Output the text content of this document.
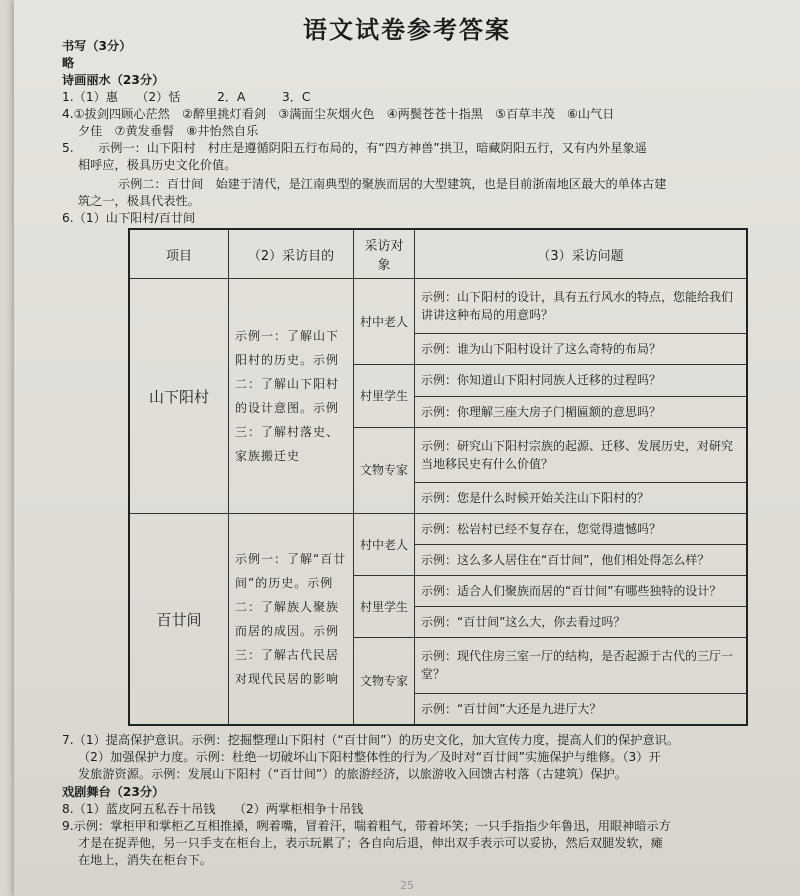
语文试卷参考答案
书写（3分）
略
诗画丽水（23分）
1.（1）惠　　（2）恬　　　2．A　　　3．C
4.①拔剑四顾心茫然　②醉里挑灯看剑　③满面尘灰烟火色　④两鬓苍苍十指黑　⑤百草丰茂　⑥山气日
夕佳　⑦黄发垂髫　⑧井怡然自乐
5.　　示例一：山下阳村　村庄是遵循阴阳五行布局的，有“四方神兽”拱卫，暗藏阴阳五行，又有内外星象遥
相呼应，极具历史文化价值。
示例二：百廿间　始建于清代，是江南典型的聚族而居的大型建筑，也是目前浙南地区最大的单体古建
筑之一，极具代表性。
6.（1）山下阳村/百廿间
项目	（2）采访目的	采访对象	（3）采访问题
山下阳村	示例一：了解山下阳村的历史。示例二：了解山下阳村的设计意图。示例三：了解村落史、家族搬迁史	村中老人	示例：山下阳村的设计，具有五行风水的特点，您能给我们讲讲这种布局的用意吗？
			示例：谁为山下阳村设计了这么奇特的布局？
		村里学生	示例：你知道山下阳村同族人迁移的过程吗？
			示例：你理解三座大房子门楣匾额的意思吗？
		文物专家	示例：研究山下阳村宗族的起源、迁移、发展历史，对研究当地移民史有什么价值？
			示例：您是什么时候开始关注山下阳村的？
百廿间	示例一：了解“百廿间”的历史。示例二：了解族人聚族而居的成因。示例三：了解古代民居对现代民居的影响	村中老人	示例：松岩村已经不复存在，您觉得遗憾吗？
			示例：这么多人居住在“百廿间”，他们相处得怎么样？
		村里学生	示例：适合人们聚族而居的“百廿间”有哪些独特的设计？
			示例：“百廿间”这么大，你去看过吗？
		文物专家	示例：现代住房三室一厅的结构，是否起源于古代的三厅一堂？
			示例：“百廿间”大还是九进厅大？
7.（1）提高保护意识。示例：挖掘整理山下阳村（“百廿间”）的历史文化，加大宣传力度，提高人们的保护意识。
（2）加强保护力度。示例：杜绝一切破坏山下阳村整体性的行为／及时对“百廿间”实施保护与维修。（3）开
发旅游资源。示例：发展山下阳村（“百廿间”）的旅游经济，以旅游收入回馈古村落（古建筑）保护。
戏剧舞台（23分）
8.（1）蓝皮阿五私吞十吊钱　　（2）两掌柜相争十吊钱
9.示例：掌柜甲和掌柜乙互相推搡，咧着嘴，冒着汗，喘着粗气，带着坏笑；一只手指指少年鲁迅，用眼神暗示方
才是在捉弄他，另一只手支在柜台上，表示玩累了；各自向后退，伸出双手表示可以妥协，然后双腿发软，瘫
在地上，消失在柜台下。
25
